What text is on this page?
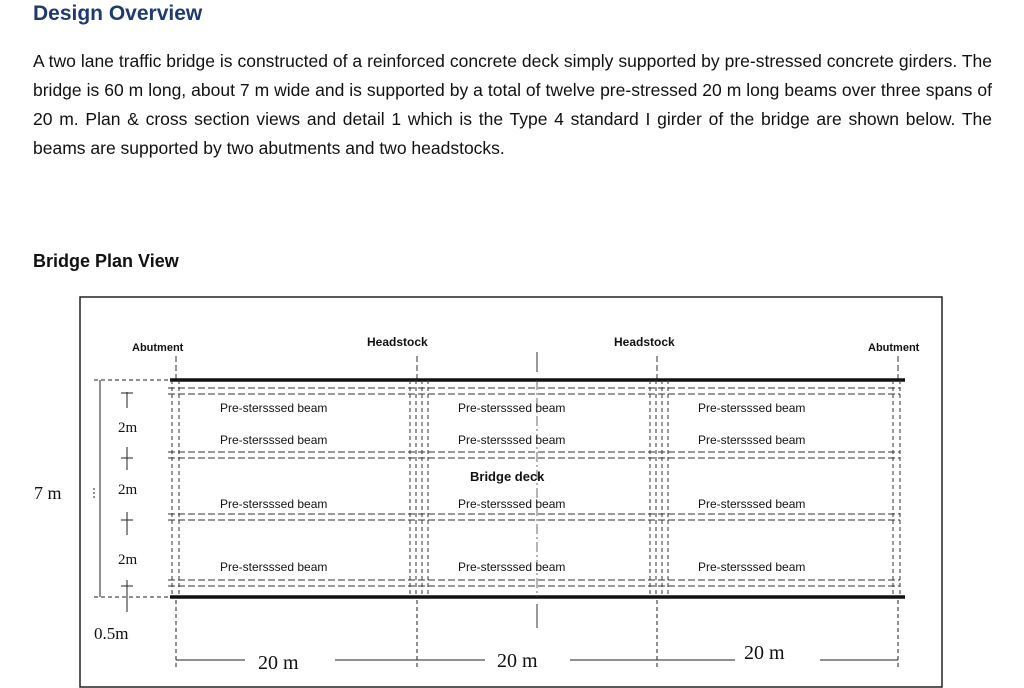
Design Overview

A two lane traffic bridge is constructed of a reinforced concrete deck simply supported by pre-stressed concrete girders. The bridge is 60 m long, about 7 m wide and is supported by a total of twelve pre-stressed 20 m long beams over three spans of 20 m. Plan & cross section views and detail 1 which is the Type 4 standard I girder of the bridge are shown below. The beams are supported by two abutments and two headstocks.

Bridge Plan View
Abutment	Headstock	Headstock	Abutment
Pre-stersssed beam
Pre-stersssed beam
Pre-stersssed beam
Pre-stersssed beam
Pre-stersssed beam
Pre-stersssed beam
Pre-stersssed beam
Pre-stersssed beam
Pre-stersssed beam
Pre-stersssed beam
Pre-stersssed beam
Pre-stersssed beam
Bridge deck
7 m
2m
2m
2m
0.5m
20 m	20 m	20 m
